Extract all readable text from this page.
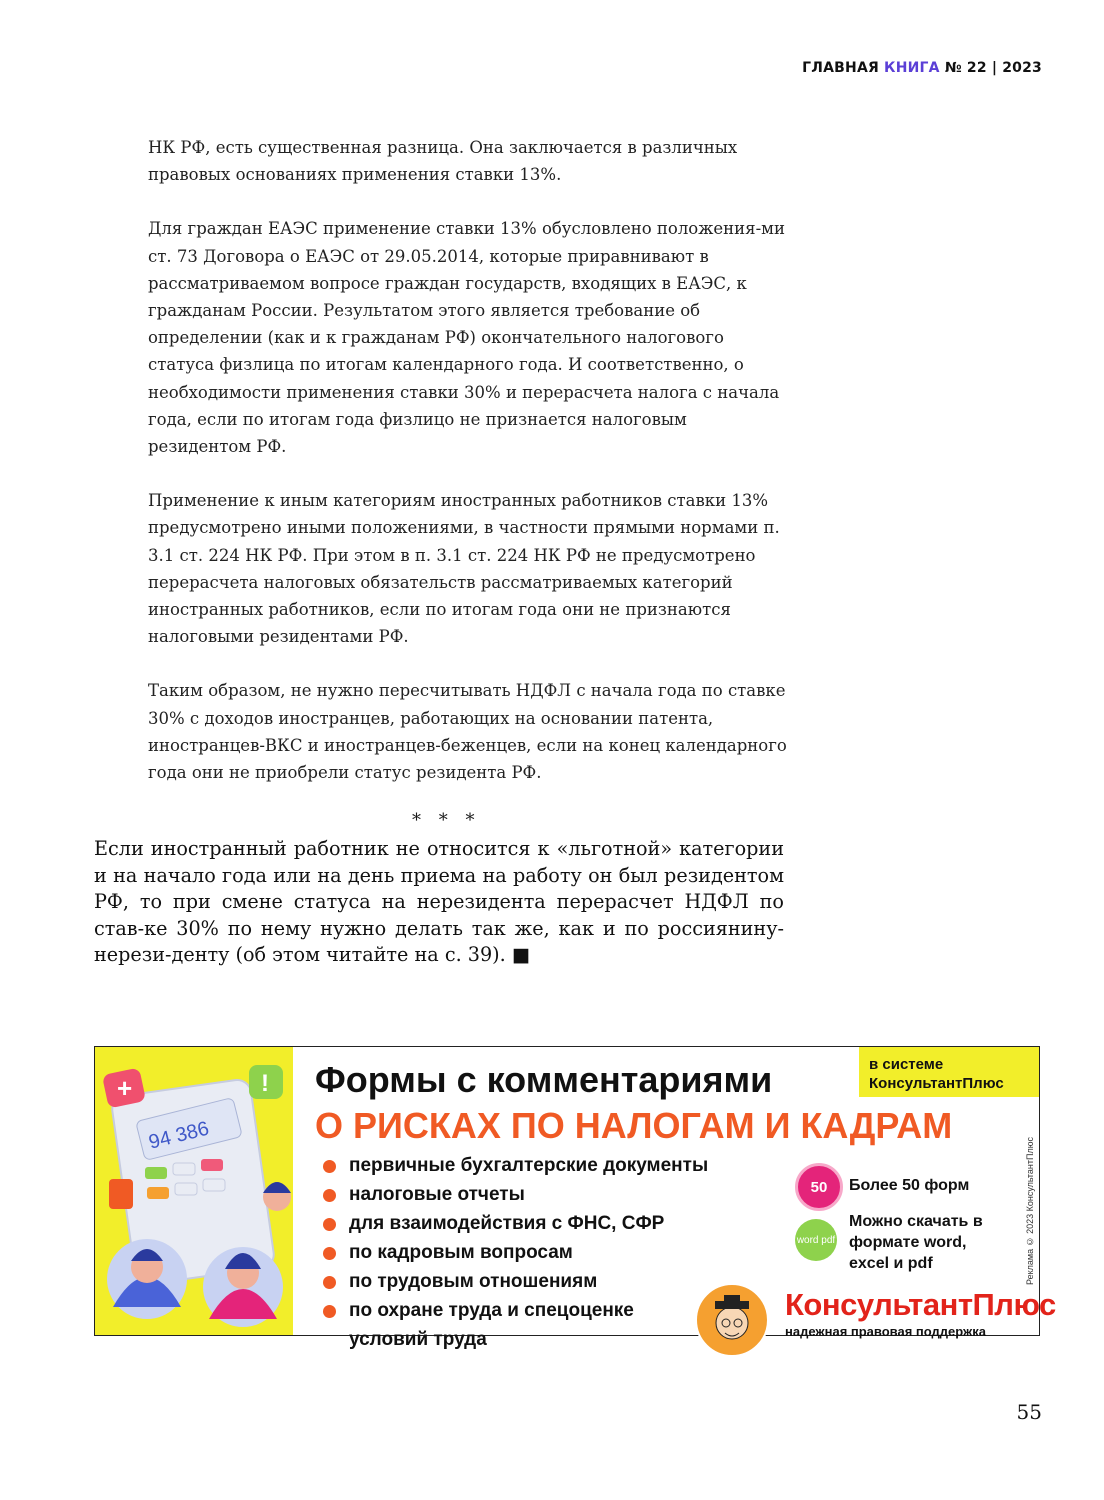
ГЛАВНАЯ КНИГА № 22 | 2023

НК РФ, есть существенная разница. Она заключается в различных правовых основаниях применения ставки 13%.

Для граждан ЕАЭС применение ставки 13% обусловлено положения-ми ст. 73 Договора о ЕАЭС от 29.05.2014, которые приравнивают в рассматриваемом вопросе граждан государств, входящих в ЕАЭС, к гражданам России. Результатом этого является требование об определении (как и к гражданам РФ) окончательного налогового статуса физлица по итогам календарного года. И соответственно, о необходимости применения ставки 30% и перерасчета налога с начала года, если по итогам года физлицо не признается налоговым резидентом РФ.

Применение к иным категориям иностранных работников ставки 13% предусмотрено иными положениями, в частности прямыми нормами п. 3.1 ст. 224 НК РФ. При этом в п. 3.1 ст. 224 НК РФ не предусмотрено перерасчета налоговых обязательств рассматриваемых категорий иностранных работников, если по итогам года они не признаются налоговыми резидентами РФ.

Таким образом, не нужно пересчитывать НДФЛ с начала года по ставке 30% с доходов иностранцев, работающих на основании патента, иностранцев-ВКС и иностранцев-беженцев, если на конец календарного года они не приобрели статус резидента РФ.

* * *
Если иностранный работник не относится к «льготной» категории и на начало года или на день приема на работу он был резидентом РФ, то при смене статуса на нерезидента перерасчет НДФЛ по став-ке 30% по нему нужно делать так же, как и по россиянину-нерези-денту (об этом читайте на с. 39). ■
94 386
+	!
в системе КонсультантПлюс
Формы с комментариями
О РИСКАХ ПО НАЛОГАМ И КАДРАМ
первичные бухгалтерские документы
налоговые отчеты
для взаимодействия с ФНС, СФР
по кадровым вопросам
по трудовым отношениям
по охране труда и спецоценке
условий труда
50	Более 50 форм
word pdf
Можно скачать в формате word, excel и pdf
КонсультантПлюс
надежная правовая поддержка
Реклама © 2023 КонсультантПлюс
55
